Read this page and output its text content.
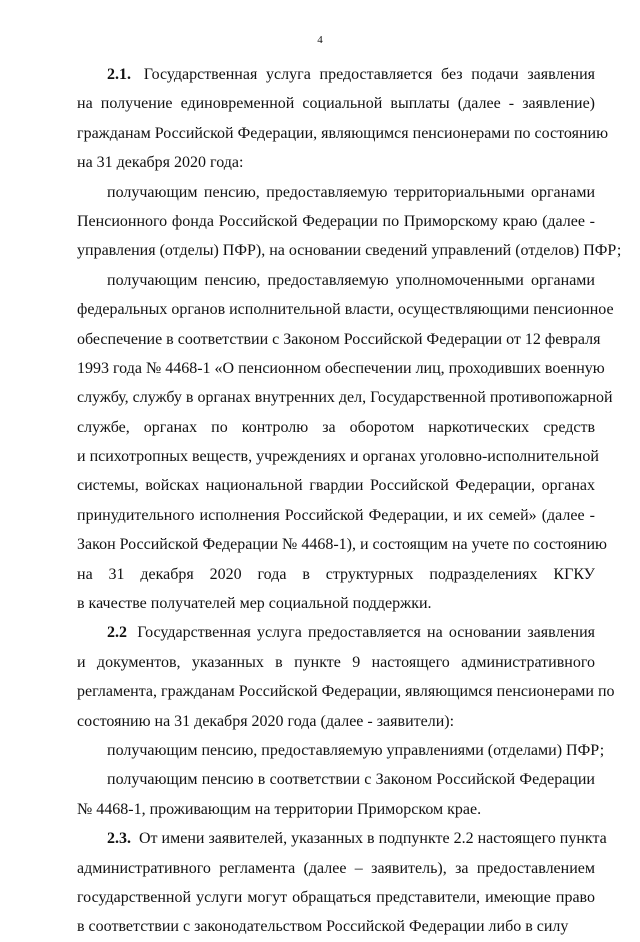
4
2.1. Государственная услуга предоставляется без подачи заявления
на получение единовременной социальной выплаты (далее - заявление)
гражданам Российской Федерации, являющимся пенсионерами по состоянию
на 31 декабря 2020 года:
получающим пенсию, предоставляемую территориальными органами
Пенсионного фонда Российской Федерации по Приморскому краю (далее -
управления (отделы) ПФР), на основании сведений управлений (отделов) ПФР;
получающим пенсию, предоставляемую уполномоченными органами
федеральных органов исполнительной власти, осуществляющими пенсионное
обеспечение в соответствии с Законом Российской Федерации от 12 февраля
1993 года № 4468-1 «О пенсионном обеспечении лиц, проходивших военную
службу, службу в органах внутренних дел, Государственной противопожарной
службе, органах по контролю за оборотом наркотических средств
и психотропных веществ, учреждениях и органах уголовно-исполнительной
системы, войсках национальной гвардии Российской Федерации, органах
принудительного исполнения Российской Федерации, и их семей» (далее -
Закон Российской Федерации № 4468-1), и состоящим на учете по состоянию
на 31 декабря 2020 года в структурных подразделениях КГКУ
в качестве получателей мер социальной поддержки.
2.2 Государственная услуга предоставляется на основании заявления
и документов, указанных в пункте 9 настоящего административного
регламента, гражданам Российской Федерации, являющимся пенсионерами по
состоянию на 31 декабря 2020 года (далее - заявители):
получающим пенсию, предоставляемую управлениями (отделами) ПФР;
получающим пенсию в соответствии с Законом Российской Федерации
№ 4468-1, проживающим на территории Приморском крае.
2.3. От имени заявителей, указанных в подпункте 2.2 настоящего пункта
административного регламента (далее – заявитель), за предоставлением
государственной услуги могут обращаться представители, имеющие право
в соответствии с законодательством Российской Федерации либо в силу
